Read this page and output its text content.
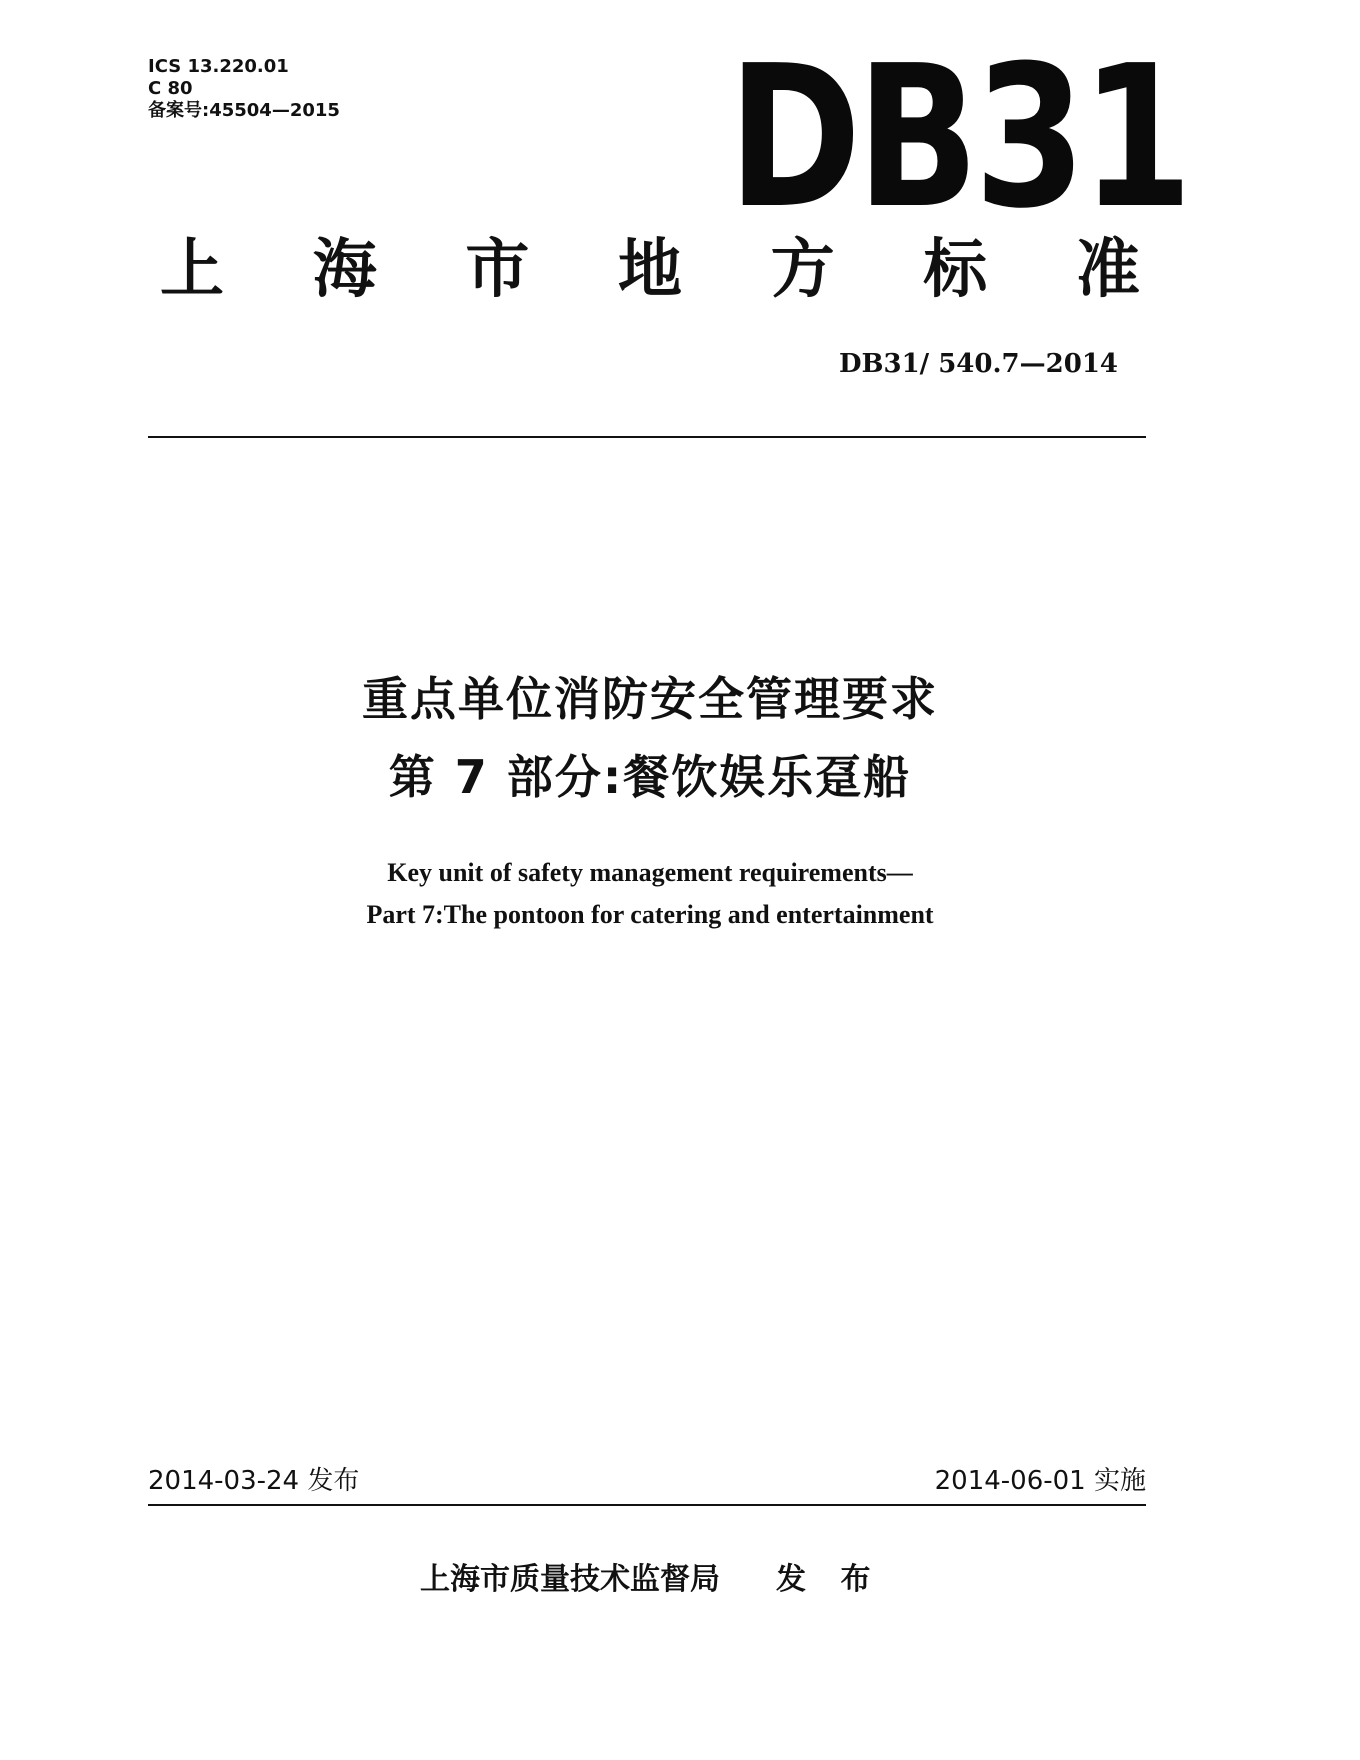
ICS 13.220.01
C 80
备案号:45504—2015 DB31
上 海 市 地 方 标 准
DB31/ 540.7—2014
重点单位消防安全管理要求
第 7 部分:餐饮娱乐趸船
Key unit of safety management requirements—
Part 7:The pontoon for catering and entertainment
2014-03-24 发布	2014-06-01 实施
上海市质量技术监督局 发 布
